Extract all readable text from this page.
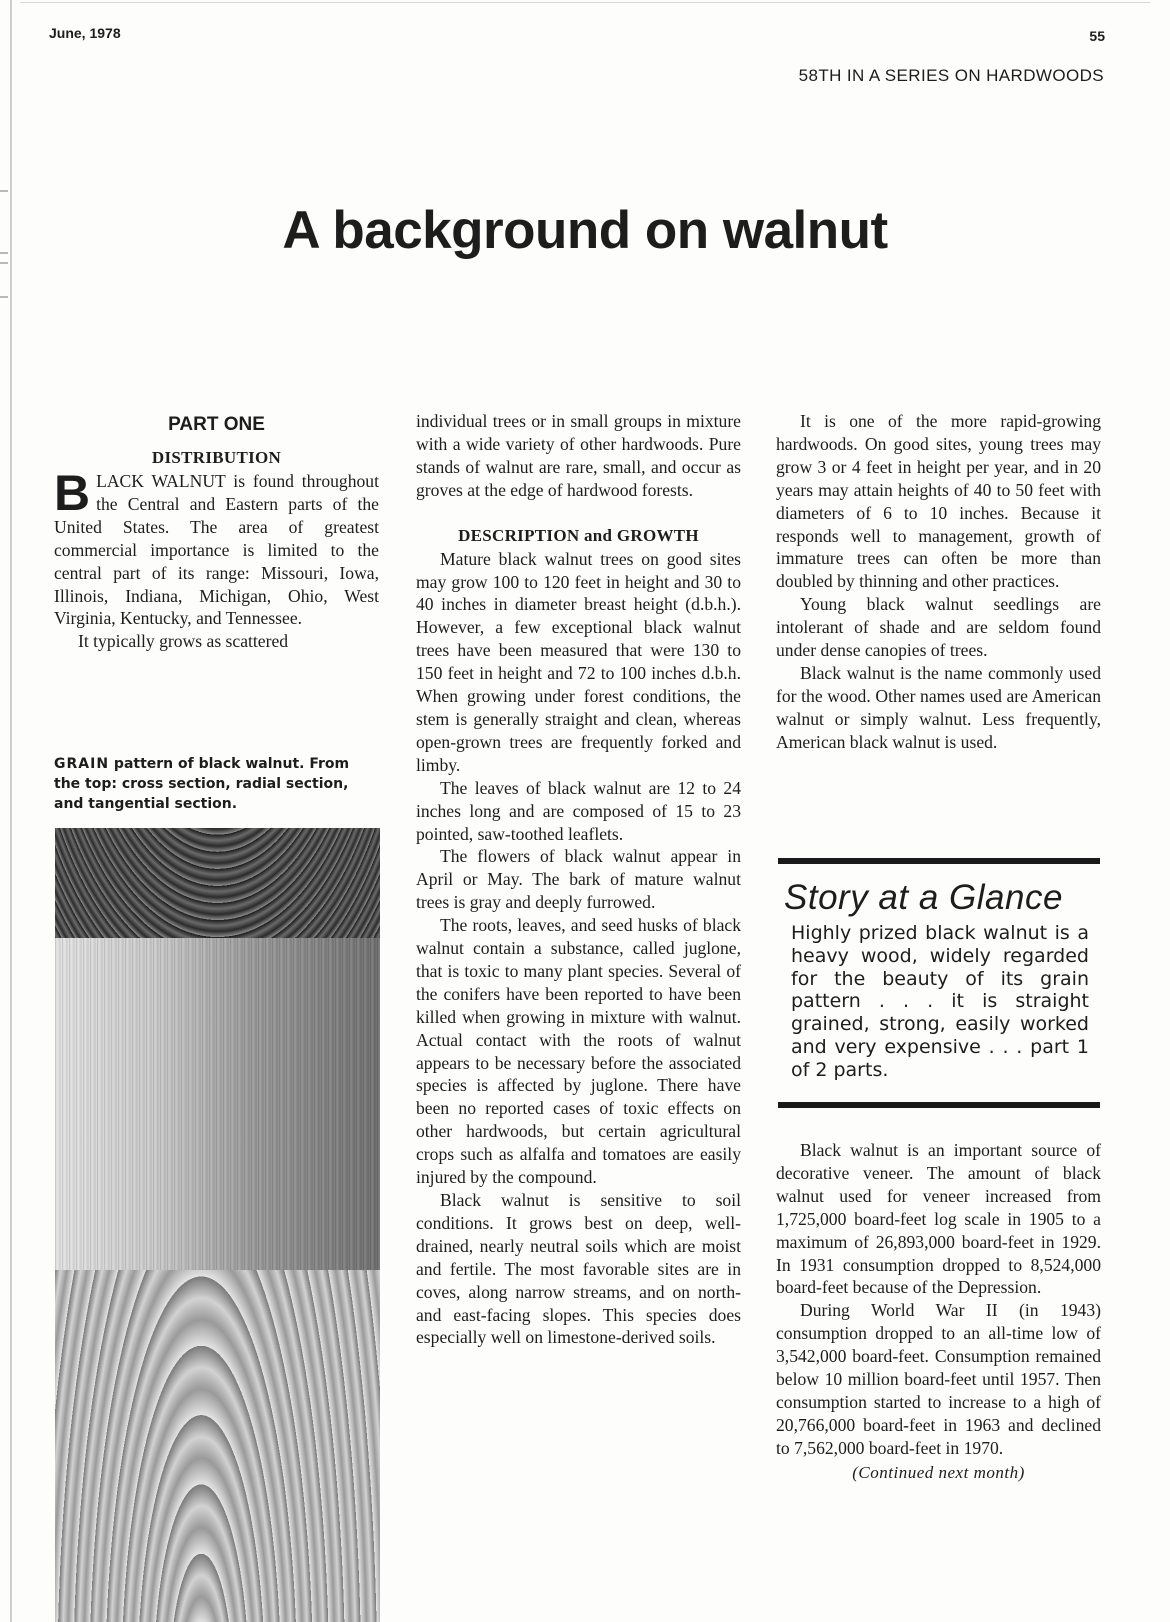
June, 1978	55
58TH IN A SERIES ON HARDWOODS
A background on walnut
PART ONE
DISTRIBUTION

BLACK WALNUT is found throughout the Central and Eastern parts of the United States. The area of greatest commercial importance is limited to the central part of its range: Missouri, Iowa, Illinois, Indiana, Michigan, Ohio, West Virginia, Kentucky, and Tennessee.

It typically grows as scattered

GRAIN pattern of black walnut. From the top: cross section, radial section, and tangential section.

individual trees or in small groups in mixture with a wide variety of other hardwoods. Pure stands of walnut are rare, small, and occur as groves at the edge of hardwood forests.

DESCRIPTION and GROWTH

Mature black walnut trees on good sites may grow 100 to 120 feet in height and 30 to 40 inches in diameter breast height (d.b.h.). However, a few exceptional black walnut trees have been measured that were 130 to 150 feet in height and 72 to 100 inches d.b.h. When growing under forest conditions, the stem is generally straight and clean, whereas open-grown trees are frequently forked and limby.

The leaves of black walnut are 12 to 24 inches long and are composed of 15 to 23 pointed, saw-toothed leaflets.

The flowers of black walnut appear in April or May. The bark of mature walnut trees is gray and deeply furrowed.

The roots, leaves, and seed husks of black walnut contain a substance, called juglone, that is toxic to many plant species. Several of the conifers have been reported to have been killed when growing in mixture with walnut. Actual contact with the roots of walnut appears to be necessary before the associated species is affected by juglone. There have been no reported cases of toxic effects on other hardwoods, but certain agricultural crops such as alfalfa and tomatoes are easily injured by the compound.

Black walnut is sensitive to soil conditions. It grows best on deep, well-drained, nearly neutral soils which are moist and fertile. The most favorable sites are in coves, along narrow streams, and on north- and east-facing slopes. This species does especially well on limestone-derived soils.

It is one of the more rapid-growing hardwoods. On good sites, young trees may grow 3 or 4 feet in height per year, and in 20 years may attain heights of 40 to 50 feet with diameters of 6 to 10 inches. Because it responds well to management, growth of immature trees can often be more than doubled by thinning and other practices.

Young black walnut seedlings are intolerant of shade and are seldom found under dense canopies of trees.

Black walnut is the name commonly used for the wood. Other names used are American walnut or simply walnut. Less frequently, American black walnut is used.

Story at a Glance
Highly prized black walnut is a heavy wood, widely regarded for the beauty of its grain pattern . . . it is straight grained, strong, easily worked and very expensive . . . part 1 of 2 parts.

Black walnut is an important source of decorative veneer. The amount of black walnut used for veneer increased from 1,725,000 board-feet log scale in 1905 to a maximum of 26,893,000 board-feet in 1929. In 1931 consumption dropped to 8,524,000 board-feet because of the Depression.

During World War II (in 1943) consumption dropped to an all-time low of 3,542,000 board-feet. Consumption remained below 10 million board-feet until 1957. Then consumption started to increase to a high of 20,766,000 board-feet in 1963 and declined to 7,562,000 board-feet in 1970.

(Continued next month)
